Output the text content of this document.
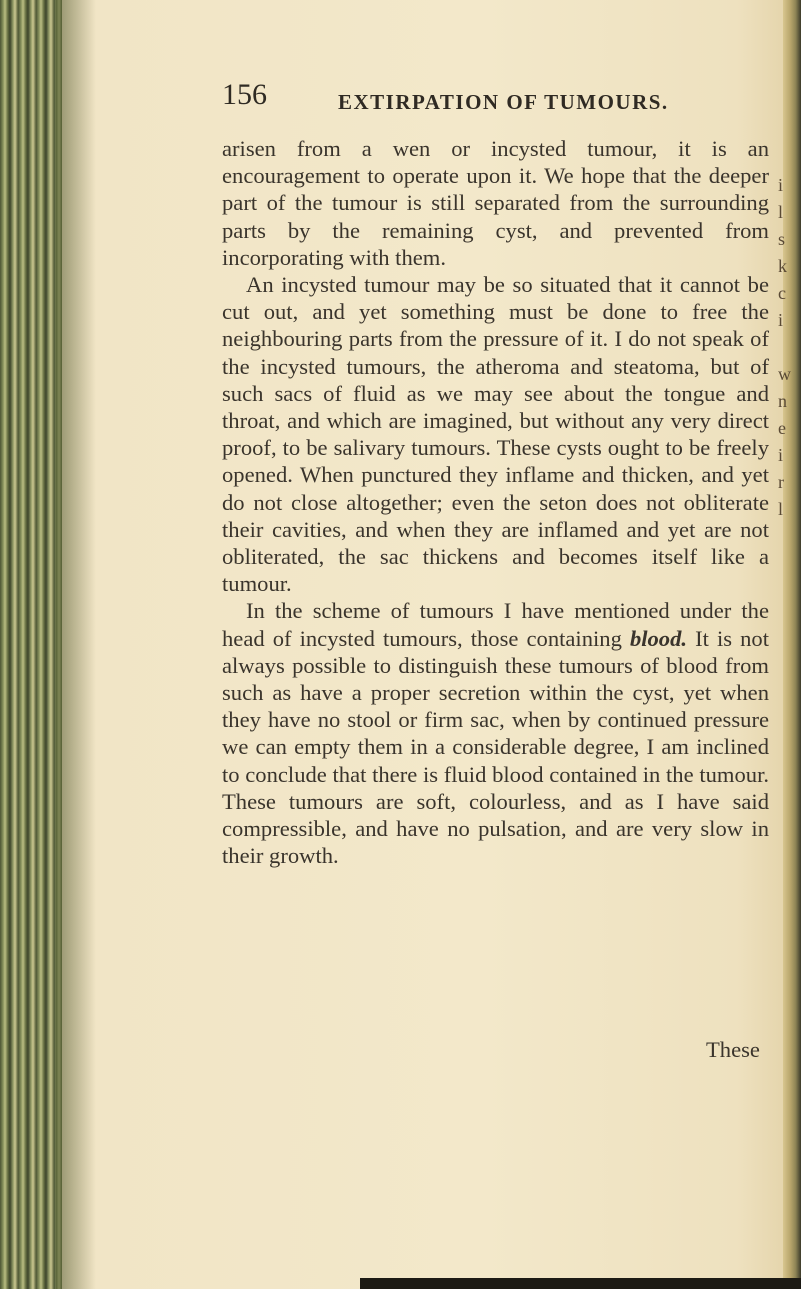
i
l
s
k
c
i
w
n
e
i
r
l
156	EXTIRPATION OF TUMOURS.

arisen from a wen or incysted tumour, it is an encouragement to operate upon it. We hope that the deeper part of the tumour is still separated from the surrounding parts by the remaining cyst, and prevented from incorporating with them.

An incysted tumour may be so situated that it cannot be cut out, and yet something must be done to free the neighbouring parts from the pressure of it. I do not speak of the incysted tumours, the atheroma and steatoma, but of such sacs of fluid as we may see about the tongue and throat, and which are imagined, but without any very direct proof, to be salivary tumours. These cysts ought to be freely opened. When punctured they inflame and thicken, and yet do not close altogether; even the seton does not obliterate their cavities, and when they are inflamed and yet are not obliterated, the sac thickens and becomes itself like a tumour.

In the scheme of tumours I have mentioned under the head of incysted tumours, those containing blood. It is not always possible to distinguish these tumours of blood from such as have a proper secretion within the cyst, yet when they have no stool or firm sac, when by continued pressure we can empty them in a considerable degree, I am inclined to conclude that there is fluid blood contained in the tumour. These tumours are soft, colourless, and as I have said compressible, and have no pulsation, and are very slow in their growth.

These
